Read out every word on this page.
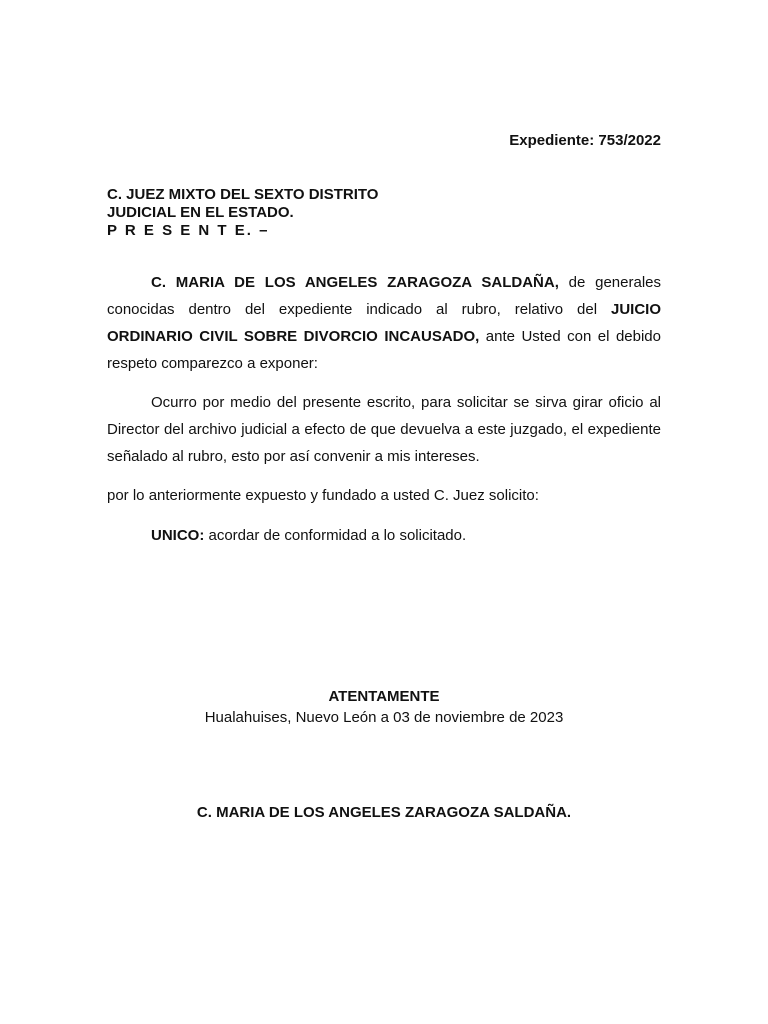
Expediente: 753/2022
C. JUEZ MIXTO DEL SEXTO DISTRITO
JUDICIAL EN EL ESTADO.
P R E S E N T E. –

C. MARIA DE LOS ANGELES ZARAGOZA SALDAÑA, de generales conocidas dentro del expediente indicado al rubro, relativo del JUICIO ORDINARIO CIVIL SOBRE DIVORCIO INCAUSADO, ante Usted con el debido respeto comparezco a exponer:

Ocurro por medio del presente escrito, para solicitar se sirva girar oficio al Director del archivo judicial a efecto de que devuelva a este juzgado, el expediente señalado al rubro, esto por así convenir a mis intereses.

por lo anteriormente expuesto y fundado a usted C. Juez solicito:

UNICO: acordar de conformidad a lo solicitado.

ATENTAMENTE
Hualahuises, Nuevo León a 03 de noviembre de 2023
C. MARIA DE LOS ANGELES ZARAGOZA SALDAÑA.
